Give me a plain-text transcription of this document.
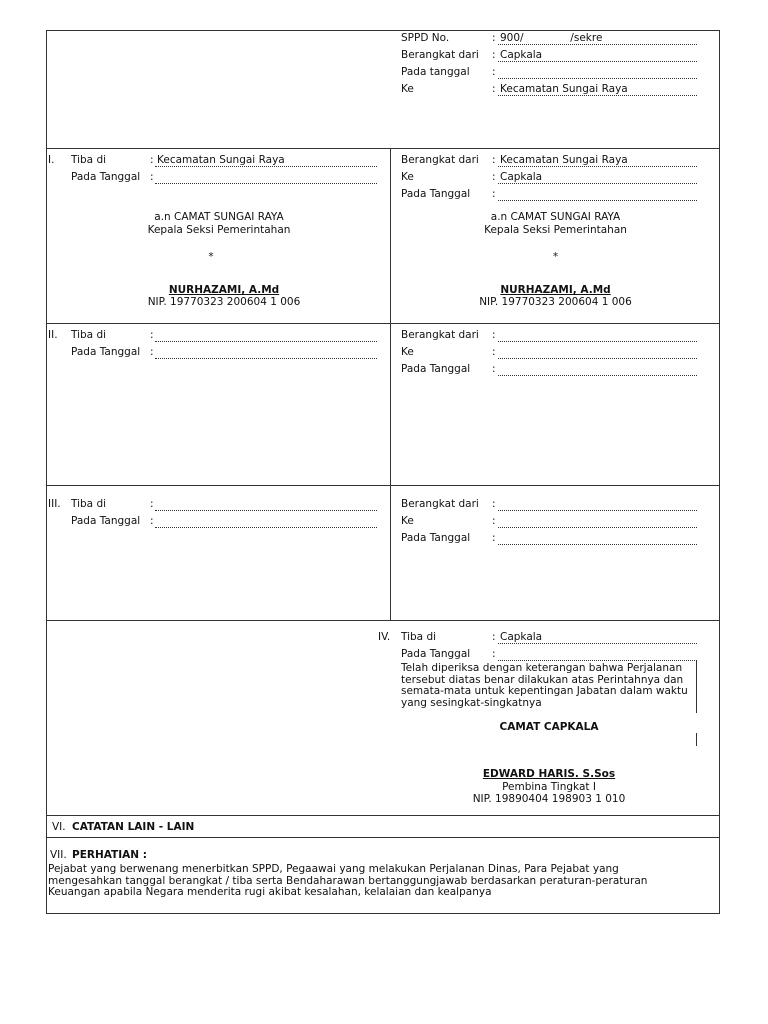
SPPD No.	: 900/              /sekre
Berangkat dari : Capkala
Pada tanggal :
Ke	: Kecamatan Sungai Raya
I. Tiba di	: Kecamatan Sungai Raya
Pada Tanggal :
Berangkat dari : Kecamatan Sungai Raya
Ke	: Capkala
Pada Tanggal :
a.n CAMAT SUNGAI RAYA
Kepala Seksi Pemerintahan
*
NURHAZAMI, A.Md
NIP. 19770323 200604 1 006
a.n CAMAT SUNGAI RAYA
Kepala Seksi Pemerintahan
*
NURHAZAMI, A.Md
NIP. 19770323 200604 1 006
II. Tiba di	:
Pada Tanggal :
Berangkat dari :
Ke	:
Pada Tanggal :
III. Tiba di	:
Pada Tanggal :
Berangkat dari :
Ke	:
Pada Tanggal :
IV. Tiba di	: Capkala
Pada Tanggal :
Telah diperiksa dengan keterangan bahwa Perjalanan
tersebut diatas benar dilakukan atas Perintahnya dan
semata-mata untuk kepentingan Jabatan dalam waktu
yang sesingkat-singkatnya
CAMAT CAPKALA
EDWARD HARIS. S.Sos
Pembina Tingkat I
NIP. 19890404 198903 1 010
VI. CATATAN LAIN - LAIN
VII. PERHATIAN :
Pejabat yang berwenang menerbitkan SPPD, Pegaawai yang melakukan Perjalanan Dinas, Para Pejabat yang
mengesahkan tanggal berangkat / tiba serta Bendaharawan bertanggungjawab berdasarkan peraturan-peraturan
Keuangan apabila Negara menderita rugi akibat kesalahan, kelalaian dan kealpanya
